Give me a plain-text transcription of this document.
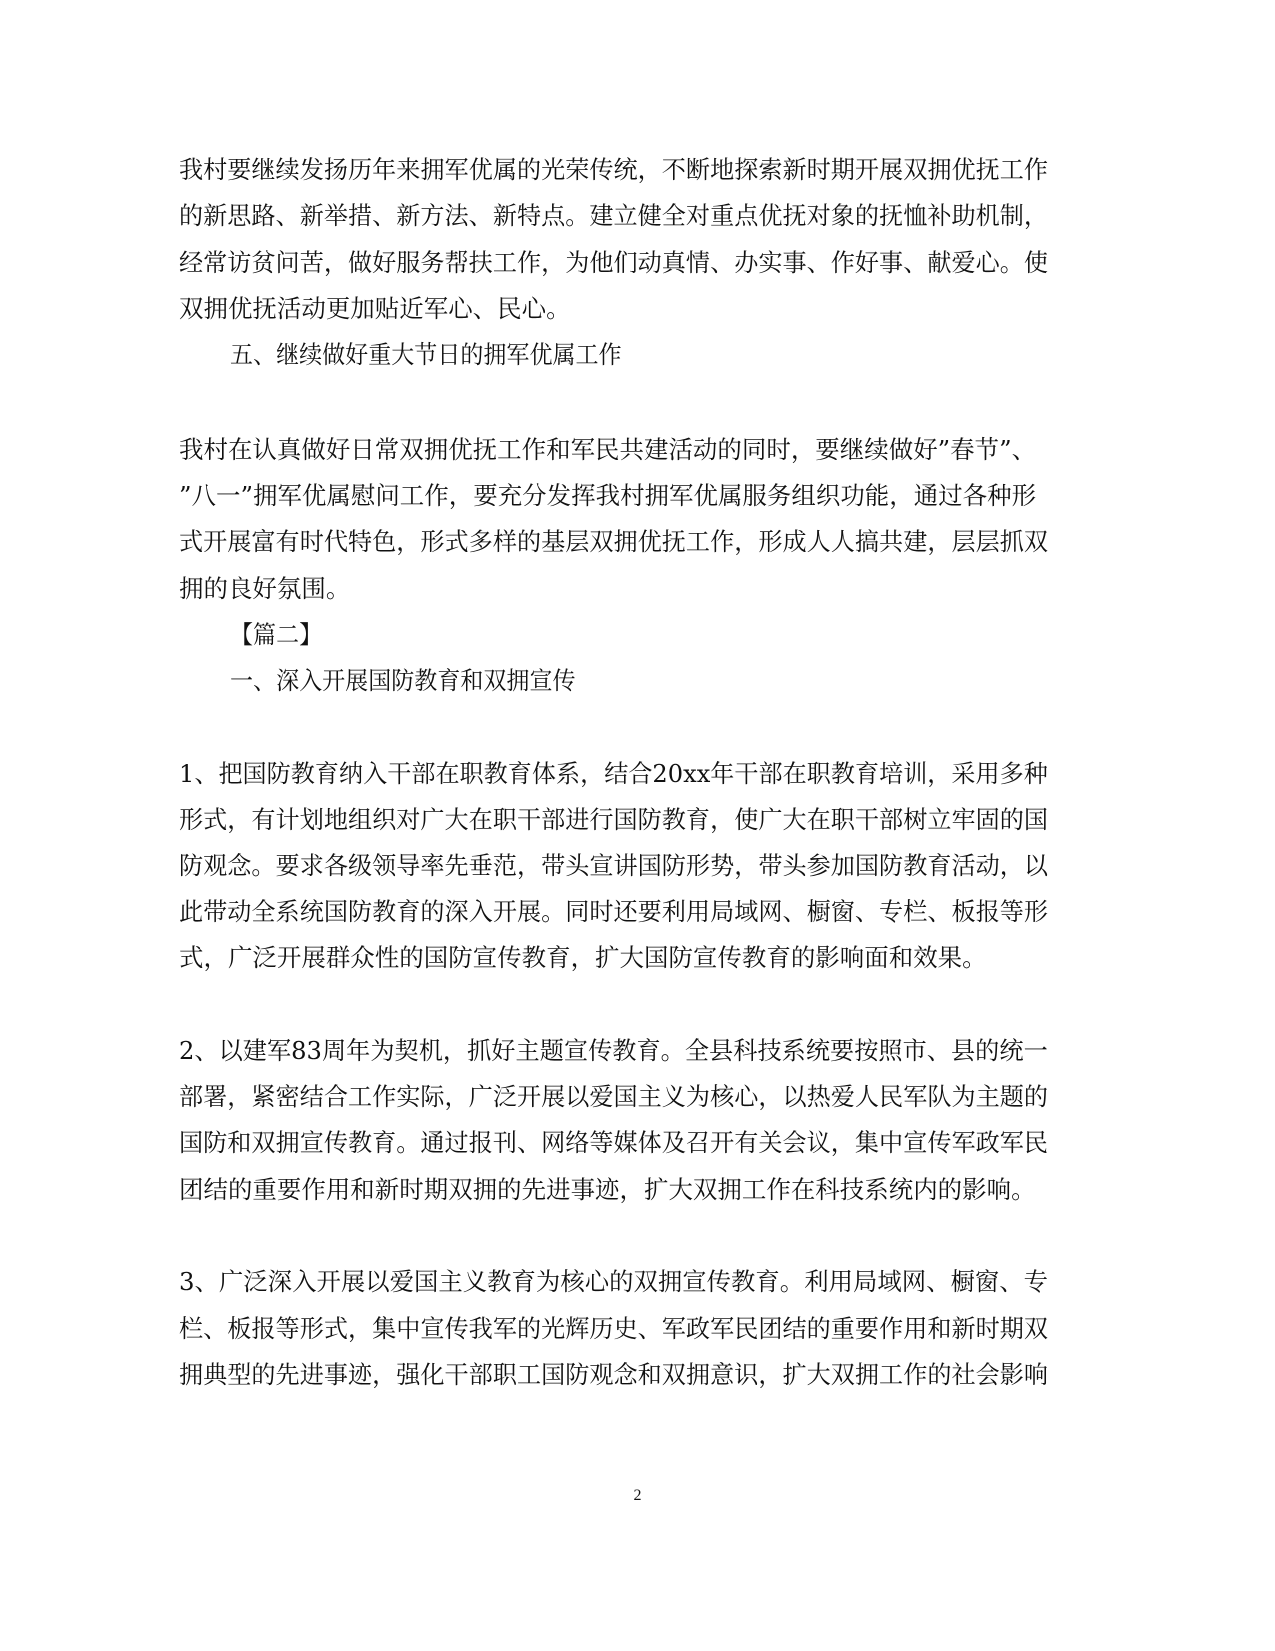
我村要继续发扬历年来拥军优属的光荣传统，不断地探索新时期开展双拥优抚工作
的新思路、新举措、新方法、新特点。建立健全对重点优抚对象的抚恤补助机制，
经常访贫问苦，做好服务帮扶工作，为他们动真情、办实事、作好事、献爱心。使
双拥优抚活动更加贴近军心、民心。
五、继续做好重大节日的拥军优属工作
我村在认真做好日常双拥优抚工作和军民共建活动的同时，要继续做好”春节”、
”八一”拥军优属慰问工作，要充分发挥我村拥军优属服务组织功能，通过各种形
式开展富有时代特色，形式多样的基层双拥优抚工作，形成人人搞共建，层层抓双
拥的良好氛围。
【篇二】
一、深入开展国防教育和双拥宣传
1、把国防教育纳入干部在职教育体系，结合20xx年干部在职教育培训，采用多种
形式，有计划地组织对广大在职干部进行国防教育，使广大在职干部树立牢固的国
防观念。要求各级领导率先垂范，带头宣讲国防形势，带头参加国防教育活动，以
此带动全系统国防教育的深入开展。同时还要利用局域网、橱窗、专栏、板报等形
式，广泛开展群众性的国防宣传教育，扩大国防宣传教育的影响面和效果。
2、以建军83周年为契机，抓好主题宣传教育。全县科技系统要按照市、县的统一
部署，紧密结合工作实际，广泛开展以爱国主义为核心，以热爱人民军队为主题的
国防和双拥宣传教育。通过报刊、网络等媒体及召开有关会议，集中宣传军政军民
团结的重要作用和新时期双拥的先进事迹，扩大双拥工作在科技系统内的影响。
3、广泛深入开展以爱国主义教育为核心的双拥宣传教育。利用局域网、橱窗、专
栏、板报等形式，集中宣传我军的光辉历史、军政军民团结的重要作用和新时期双
拥典型的先进事迹，强化干部职工国防观念和双拥意识，扩大双拥工作的社会影响
2
